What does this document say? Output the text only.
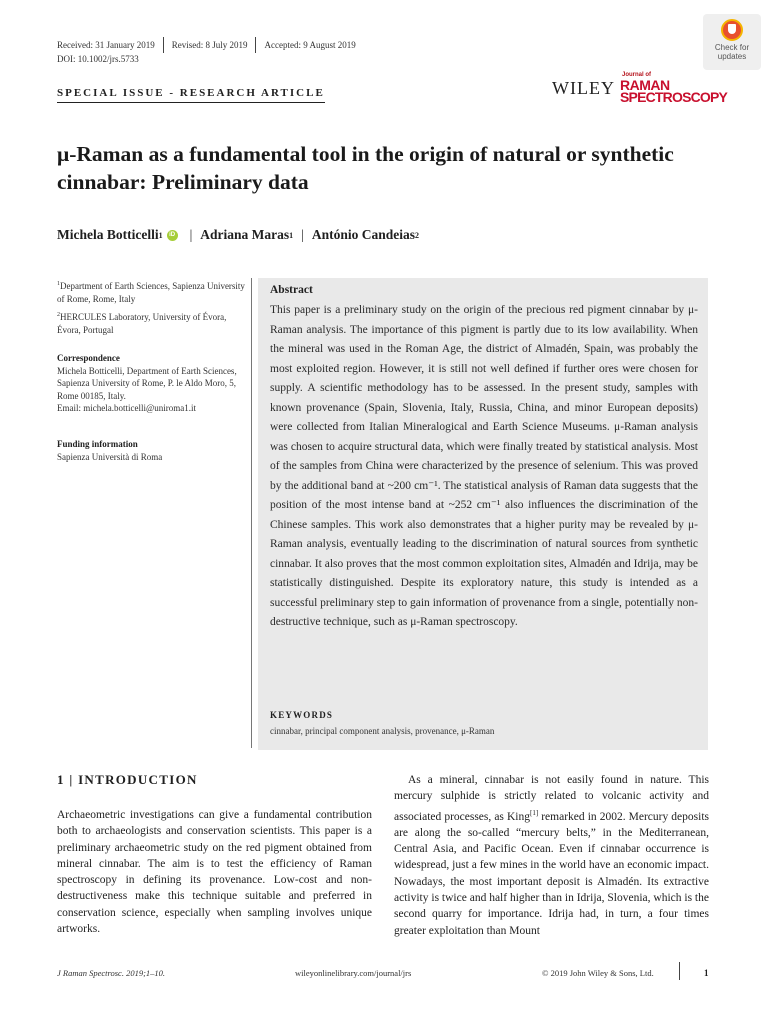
Received: 31 January 2019	Revised: 8 July 2019	Accepted: 9 August 2019
DOI: 10.1002/jrs.5733
Check for updates
SPECIAL ISSUE - RESEARCH ARTICLE	WILEY
Journal of
RAMAN
SPECTROSCOPY
μ-Raman as a fundamental tool in the origin of natural or synthetic cinnabar: Preliminary data
Michela Botticelli 1	iD | Adriana Maras 1 | António Candeias 2
$^1$Department of Earth Sciences, Sapienza University of Rome, Rome, Italy
$^2$HERCULES Laboratory, University of Évora, Évora, Portugal
Correspondence
Michela Botticelli, Department of Earth Sciences, Sapienza University of Rome, P. le Aldo Moro, 5, Rome 00185, Italy.
Email: michela.botticelli@uniroma1.it
Funding information
Sapienza Università di Roma
Abstract
This paper is a preliminary study on the origin of the precious red pigment cinnabar by μ-Raman analysis. The importance of this pigment is partly due to its low availability. When the mineral was used in the Roman Age, the district of Almadén, Spain, was probably the most exploited region. However, it is still not well defined if further ores were chosen for supply. A scientific methodology has to be assessed. In the present study, samples with known provenance (Spain, Slovenia, Italy, Russia, China, and minor European deposits) were collected from Italian Mineralogical and Earth Science Museums. μ-Raman analysis was chosen to acquire structural data, which were finally treated by statistical analysis. Most of the samples from China were characterized by the presence of selenium. This was proved by the additional band at ~200 cm⁻¹. The statistical analysis of Raman data suggests that the position of the most intense band at ~252 cm⁻¹ also influences the discrimination of the Chinese samples. This work also demonstrates that a higher purity may be revealed by μ-Raman analysis, eventually leading to the discrimination of natural sources from synthetic cinnabar. It also proves that the most common exploitation sites, Almadén and Idrija, may be statistically distinguished. Despite its exploratory nature, this study is intended as a successful preliminary step to gain information of provenance from a single, potentially non-destructive technique, such as μ-Raman spectroscopy.
KEYWORDS
cinnabar, principal component analysis, provenance, μ-Raman
1 | INTRODUCTION
Archaeometric investigations can give a fundamental contribution both to archaeologists and conservation scientists. This paper is a preliminary archaeometric study on the red pigment obtained from mineral cinnabar. The aim is to test the efficiency of Raman spectroscopy in defining its provenance. Low-cost and non-destructiveness make this technique suitable and preferred in conservation science, especially when sampling involves unique artworks.
As a mineral, cinnabar is not easily found in nature. This mercury sulphide is strictly related to volcanic activity and associated processes, as King[1] remarked in 2002. Mercury deposits are along the so-called “mercury belts,” in the Mediterranean, Central Asia, and Pacific Ocean. Even if cinnabar occurrence is widespread, just a few mines in the world have an economic impact. Nowadays, the most important deposit is Almadén. Its extractive activity is twice and half higher than in Idrija, Slovenia, which is the second quarry for importance. Idrija had, in turn, a four times greater exploitation than Mount
J Raman Spectrosc. 2019;1–10.	wileyonlinelibrary.com/journal/jrs	© 2019 John Wiley & Sons, Ltd.	1
